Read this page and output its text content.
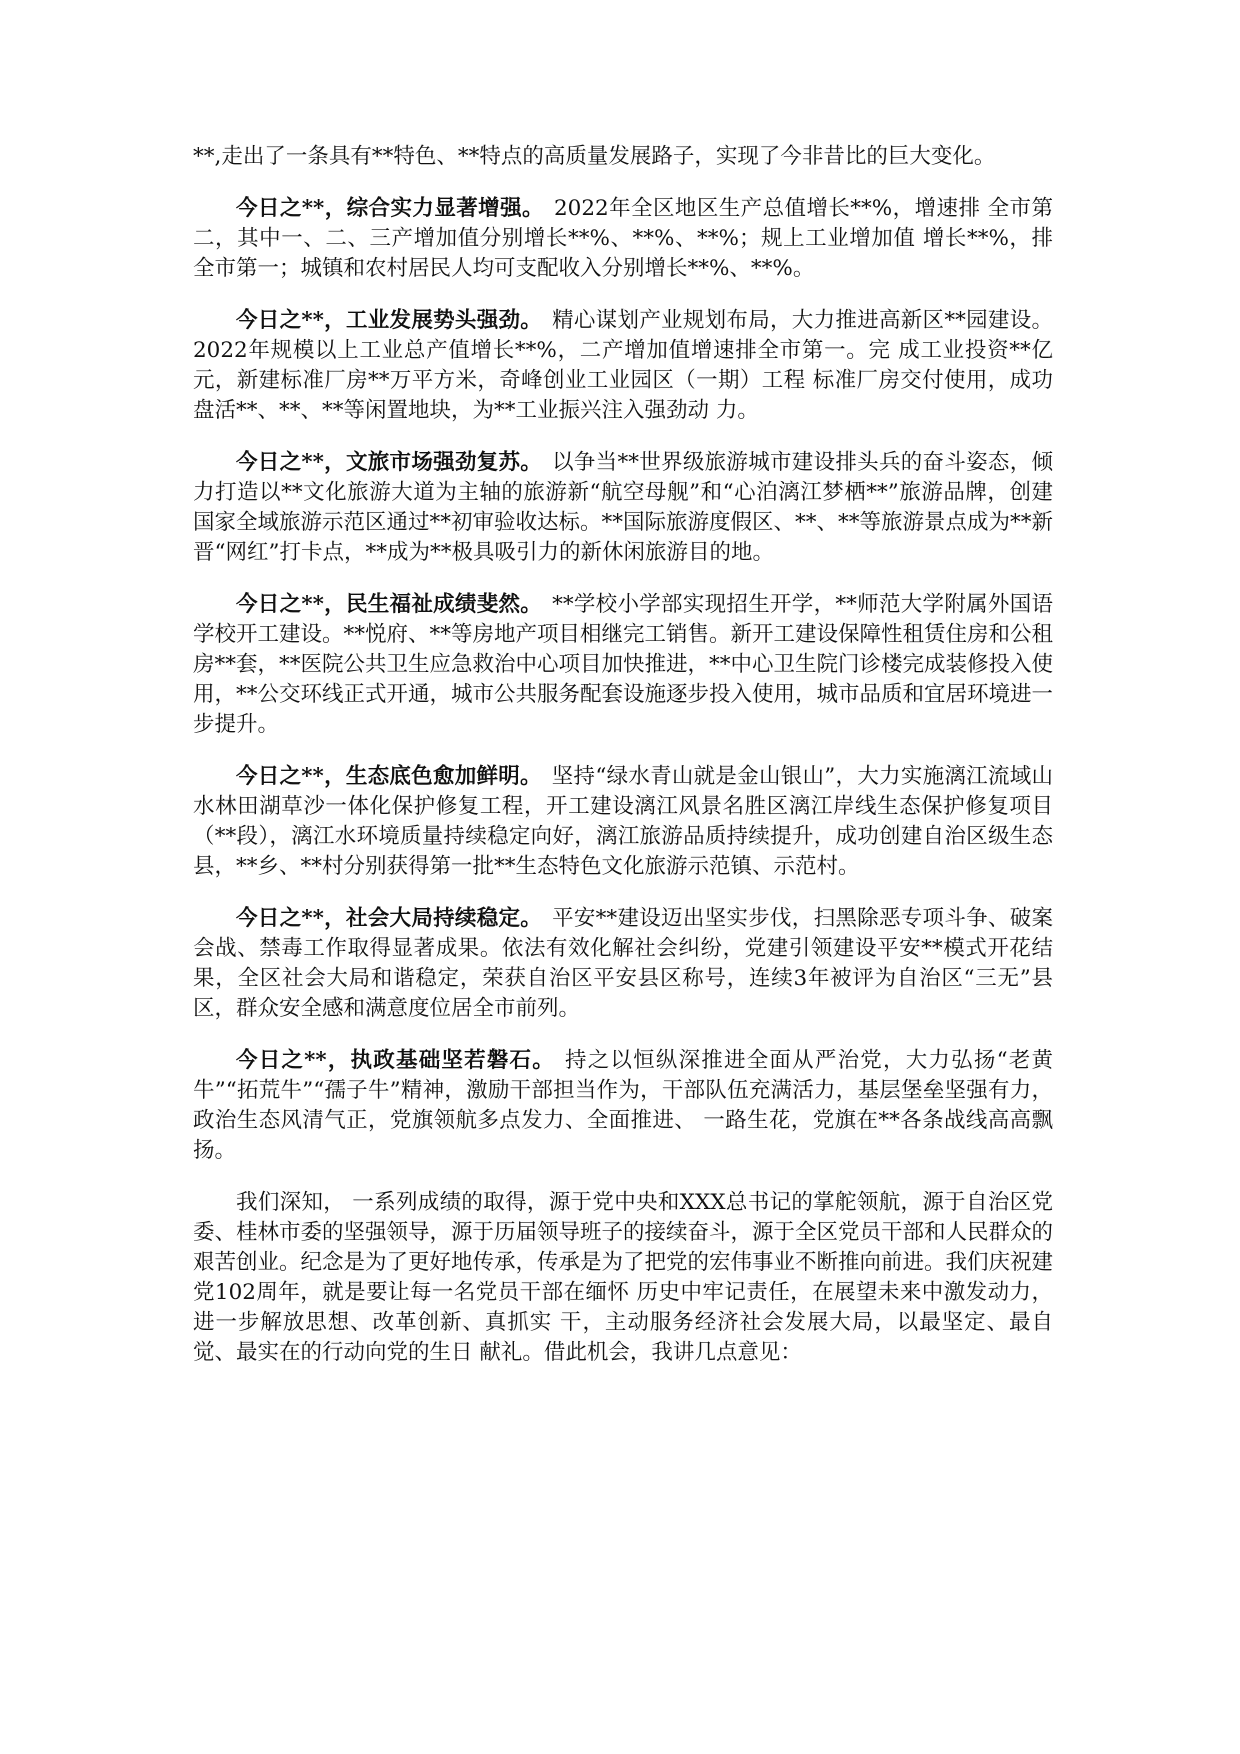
**,走出了一条具有**特色、**特点的高质量发展路子，实现了今非昔比的巨大变化。

今日之**，综合实力显著增强。 2022年全区地区生产总值增长**%，增速排 全市第二，其中一、二、三产增加值分别增长**%、**%、**%；规上工业增加值 增长**%，排全市第一；城镇和农村居民人均可支配收入分别增长**%、**%。

今日之**，工业发展势头强劲。 精心谋划产业规划布局，大力推进高新区**园建设。2022年规模以上工业总产值增长**%，二产增加值增速排全市第一。完 成工业投资**亿元，新建标准厂房**万平方米，奇峰创业工业园区（一期）工程 标准厂房交付使用，成功盘活**、**、**等闲置地块，为**工业振兴注入强劲动 力。

今日之**，文旅市场强劲复苏。 以争当**世界级旅游城市建设排头兵的奋斗姿态，倾力打造以**文化旅游大道为主轴的旅游新“航空母舰”和“心泊漓江梦栖**”旅游品牌，创建国家全域旅游示范区通过**初审验收达标。**国际旅游度假区、**、**等旅游景点成为**新晋“网红”打卡点，**成为**极具吸引力的新休闲旅游目的地。

今日之**，民生福祉成绩斐然。 **学校小学部实现招生开学，**师范大学附属外国语学校开工建设。**悦府、**等房地产项目相继完工销售。新开工建设保障性租赁住房和公租房**套，**医院公共卫生应急救治中心项目加快推进，**中心卫生院门诊楼完成装修投入使用，**公交环线正式开通，城市公共服务配套设施逐步投入使用，城市品质和宜居环境进一步提升。

今日之**，生态底色愈加鲜明。 坚持“绿水青山就是金山银山”，大力实施漓江流域山水林田湖草沙一体化保护修复工程，开工建设漓江风景名胜区漓江岸线生态保护修复项目（**段），漓江水环境质量持续稳定向好，漓江旅游品质持续提升，成功创建自治区级生态县，**乡、**村分别获得第一批**生态特色文化旅游示范镇、示范村。

今日之**，社会大局持续稳定。 平安**建设迈出坚实步伐，扫黑除恶专项斗争、破案会战、禁毒工作取得显著成果。依法有效化解社会纠纷，党建引领建设平安**模式开花结果，全区社会大局和谐稳定，荣获自治区平安县区称号，连续3年被评为自治区“三无”县区，群众安全感和满意度位居全市前列。

今日之**，执政基础坚若磐石。 持之以恒纵深推进全面从严治党，大力弘扬“老黄牛”“拓荒牛”“孺子牛”精神，激励干部担当作为，干部队伍充满活力，基层堡垒坚强有力，政治生态风清气正，党旗领航多点发力、全面推进、 一路生花，党旗在**各条战线高高飘扬。

我们深知， 一系列成绩的取得，源于党中央和XXX总书记的掌舵领航，源于自治区党委、桂林市委的坚强领导，源于历届领导班子的接续奋斗，源于全区党员干部和人民群众的艰苦创业。纪念是为了更好地传承，传承是为了把党的宏伟事业不断推向前进。我们庆祝建党102周年，就是要让每一名党员干部在缅怀 历史中牢记责任，在展望未来中激发动力，进一步解放思想、改革创新、真抓实 干，主动服务经济社会发展大局，以最坚定、最自觉、最实在的行动向党的生日 献礼。借此机会，我讲几点意见：
